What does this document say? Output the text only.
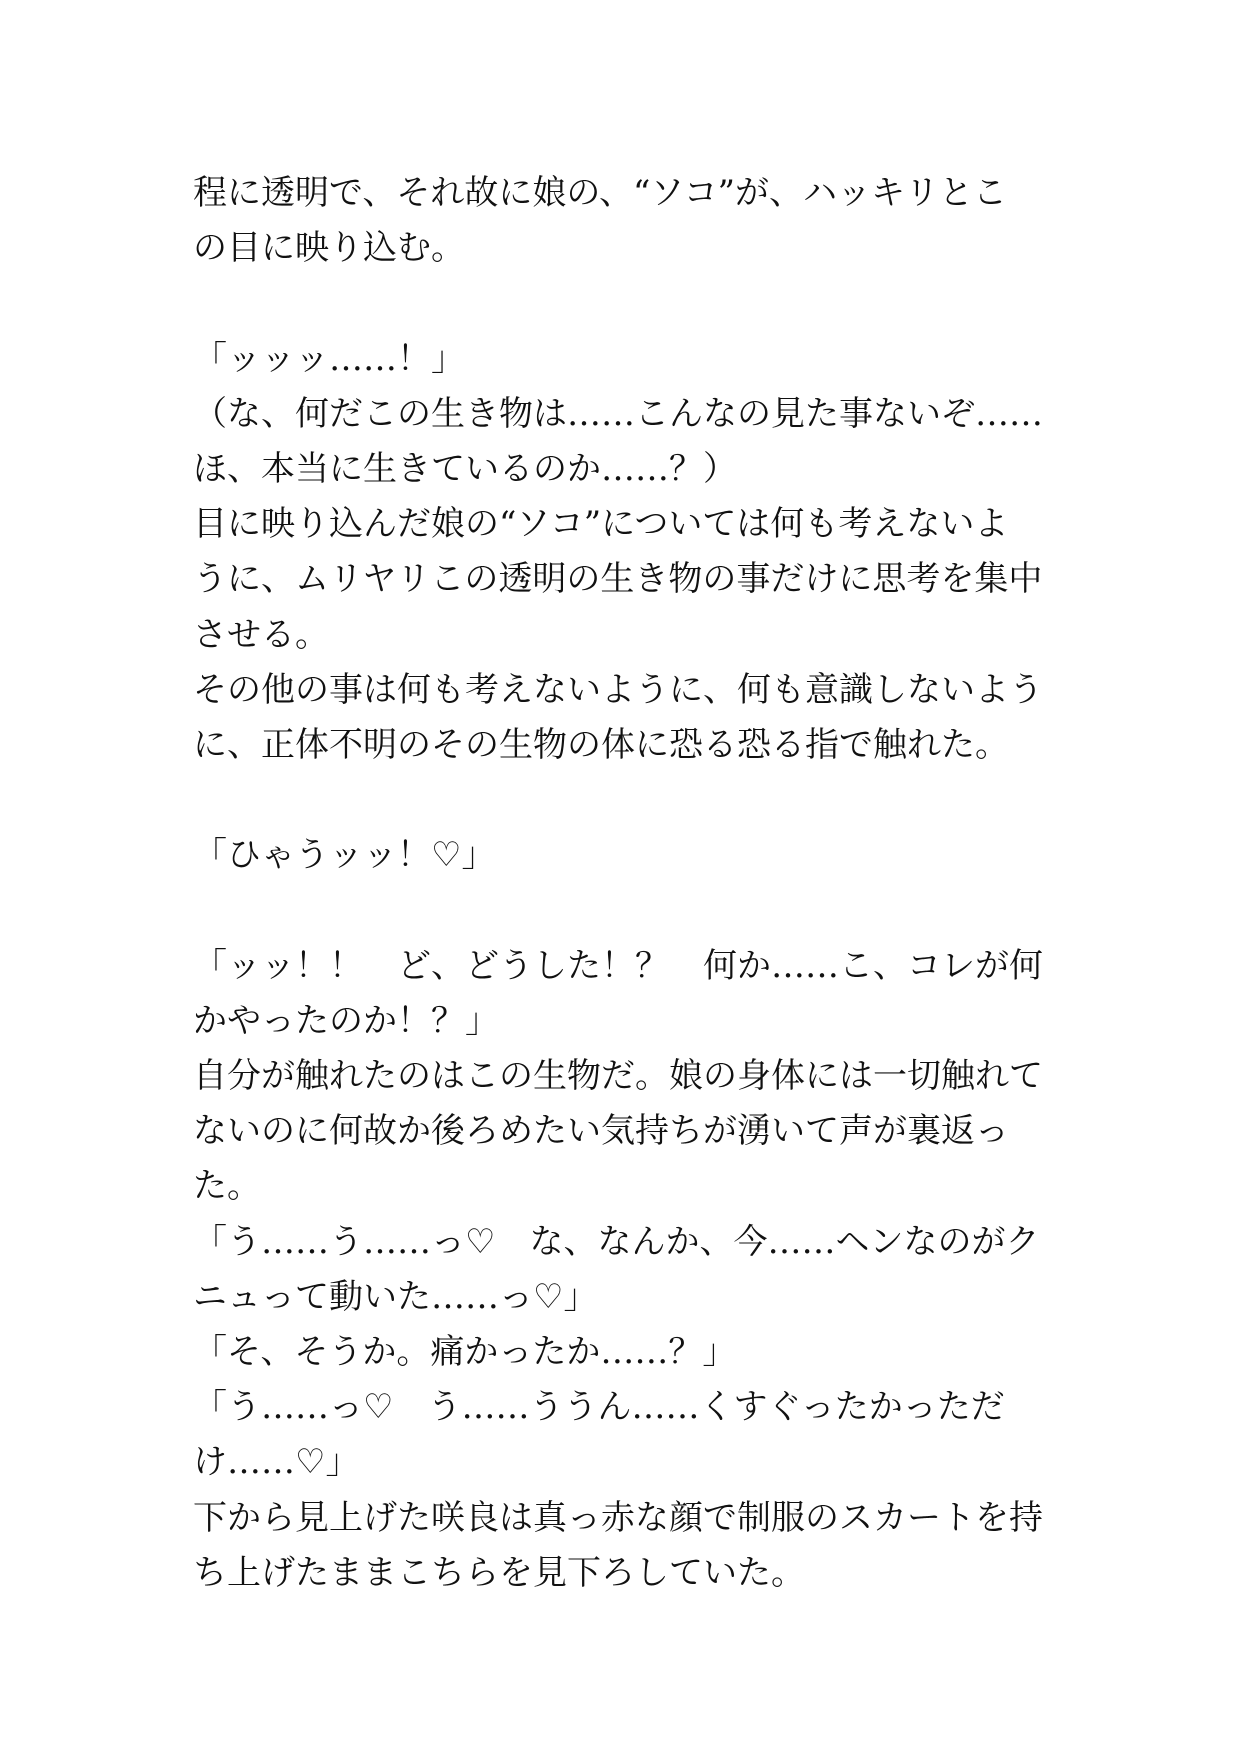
程に透明で、それ故に娘の、“ソコ”が、ハッキリとこ
の目に映り込む。
「ッッッ……！」
（な、何だこの生き物は……こんなの見た事ないぞ……
ほ、本当に生きているのか……？）
目に映り込んだ娘の“ソコ”については何も考えないよ
うに、ムリヤリこの透明の生き物の事だけに思考を集中
させる。
その他の事は何も考えないように、何も意識しないよう
に、正体不明のその生物の体に恐る恐る指で触れた。
「ひゃうッッ！♡」
「ッッ！！　ど、どうした！？　何か……こ、コレが何
かやったのか！？」
自分が触れたのはこの生物だ。娘の身体には一切触れて
ないのに何故か後ろめたい気持ちが湧いて声が裏返っ
た。
「う……う……っ♡　な、なんか、今……ヘンなのがク
ニュって動いた……っ♡」
「そ、そうか。痛かったか……？」
「う……っ♡　う……ううん……くすぐったかっただ
け……♡」
下から見上げた咲良は真っ赤な顔で制服のスカートを持
ち上げたままこちらを見下ろしていた。
